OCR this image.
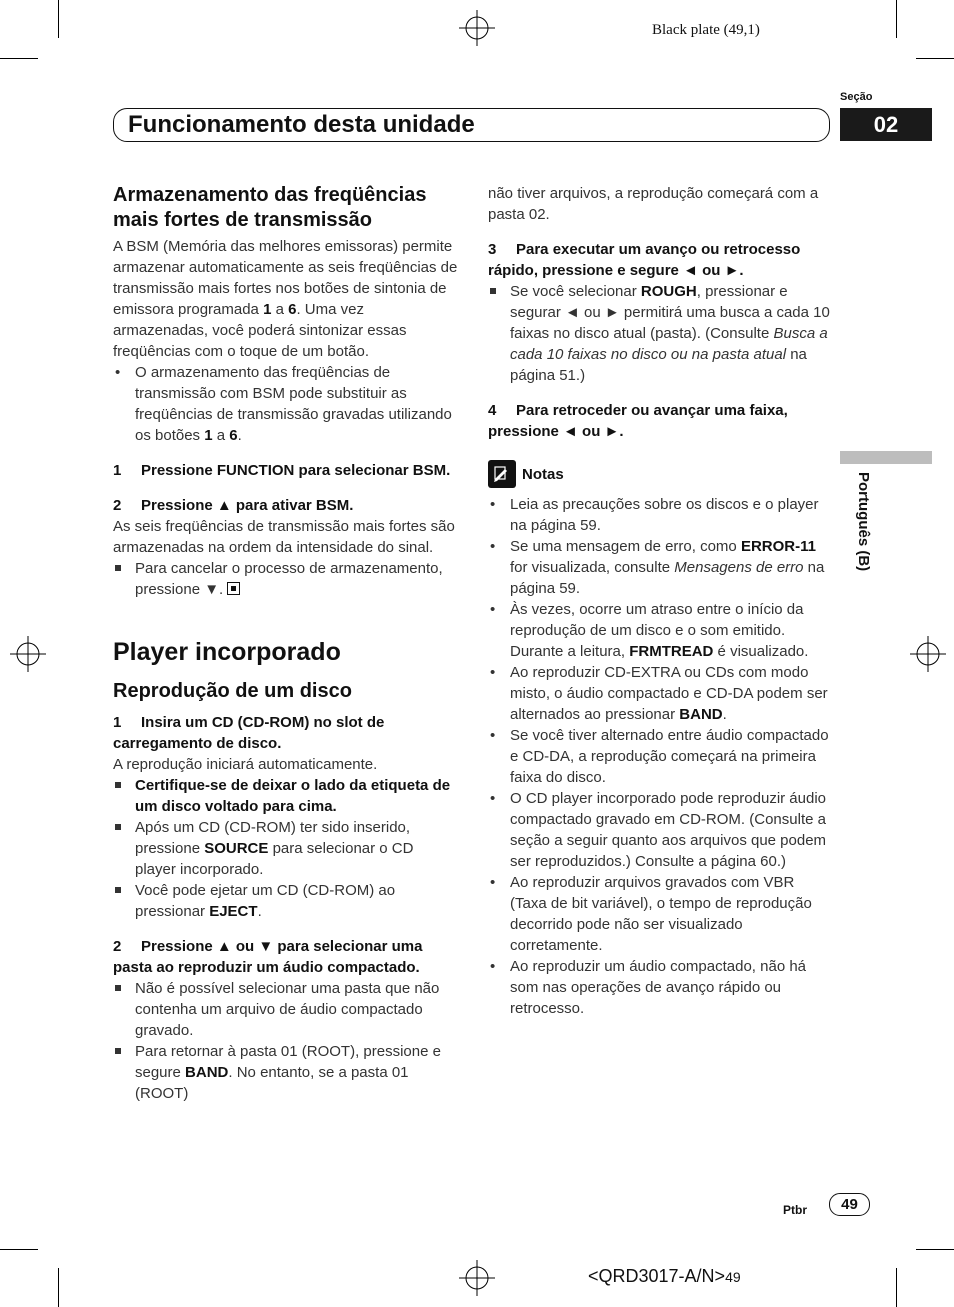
Black plate (49,1)
Seção
02
Funcionamento desta unidade
Português (B)
Armazenamento das freqüências mais fortes de transmissão

A BSM (Memória das melhores emissoras) permite armazenar automaticamente as seis freqüências de transmissão mais fortes nos botões de sintonia de emissora programada 1 a 6. Uma vez armazenadas, você poderá sintonizar essas freqüências com o toque de um botão.

• O armazenamento das freqüências de transmissão com BSM pode substituir as freqüências de transmissão gravadas utilizando os botões 1 a 6.

1 Pressione FUNCTION para selecionar BSM.

2 Pressione ▲ para ativar BSM.

As seis freqüências de transmissão mais fortes são armazenadas na ordem da intensidade do sinal.

Para cancelar o processo de armazenamento, pressione ▼.

Player incorporado
Reprodução de um disco

1 Insira um CD (CD-ROM) no slot de carregamento de disco.

A reprodução iniciará automaticamente.

Certifique-se de deixar o lado da etiqueta de um disco voltado para cima.

Após um CD (CD-ROM) ter sido inserido, pressione SOURCE para selecionar o CD player incorporado.

Você pode ejetar um CD (CD-ROM) ao pressionar EJECT.

2 Pressione ▲ ou ▼ para selecionar uma pasta ao reproduzir um áudio compactado.

Não é possível selecionar uma pasta que não contenha um arquivo de áudio compactado gravado.

Para retornar à pasta 01 (ROOT), pressione e segure BAND. No entanto, se a pasta 01 (ROOT)

não tiver arquivos, a reprodução começará com a pasta 02.

3 Para executar um avanço ou retrocesso rápido, pressione e segure ◄ ou ►.

Se você selecionar ROUGH, pressionar e segurar ◄ ou ► permitirá uma busca a cada 10 faixas no disco atual (pasta). (Consulte Busca a cada 10 faixas no disco ou na pasta atual na página 51.)

4 Para retroceder ou avançar uma faixa, pressione ◄ ou ►.

Notas

• Leia as precauções sobre os discos e o player na página 59.

• Se uma mensagem de erro, como ERROR-11 for visualizada, consulte Mensagens de erro na página 59.

• Às vezes, ocorre um atraso entre o início da reprodução de um disco e o som emitido. Durante a leitura, FRMTREAD é visualizado.

• Ao reproduzir CD-EXTRA ou CDs com modo misto, o áudio compactado e CD-DA podem ser alternados ao pressionar BAND.

• Se você tiver alternado entre áudio compactado e CD-DA, a reprodução começará na primeira faixa do disco.

• O CD player incorporado pode reproduzir áudio compactado gravado em CD-ROM. (Consulte a seção a seguir quanto aos arquivos que podem ser reproduzidos.) Consulte a página 60.)

• Ao reproduzir arquivos gravados com VBR (Taxa de bit variável), o tempo de reprodução decorrido pode não ser visualizado corretamente.

• Ao reproduzir um áudio compactado, não há som nas operações de avanço rápido ou retrocesso.

Ptbr	49
<QRD3017-A/N>49
